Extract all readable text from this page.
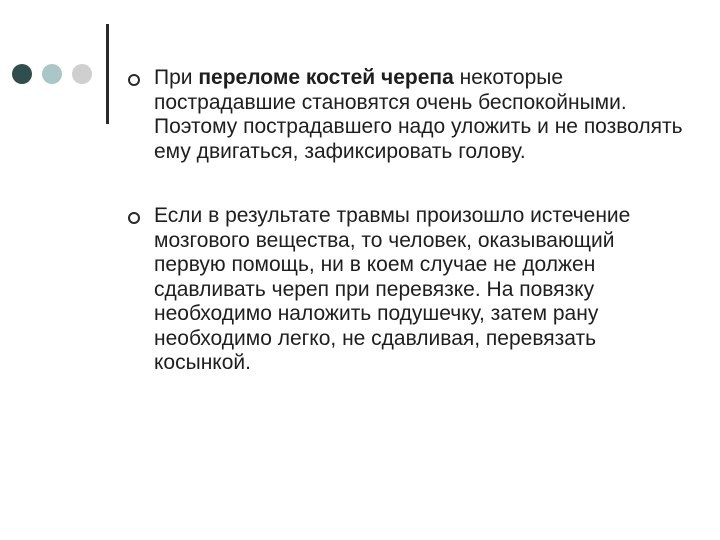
При переломе костей черепа некоторые пострадавшие становятся очень беспокойными. Поэтому пострадавшего надо уложить и не позволять ему двигаться, зафиксировать голову.
Если в результате травмы произошло истечение мозгового вещества, то человек, оказывающий первую помощь, ни в коем случае не должен сдавливать череп при перевязке. На повязку необходимо наложить подушечку, затем рану необходимо легко, не сдавливая, перевязать косынкой.
